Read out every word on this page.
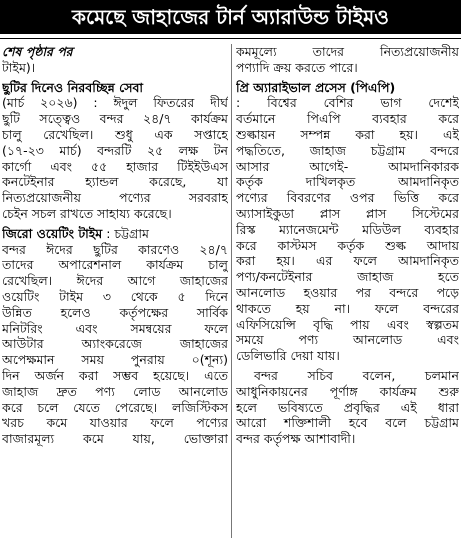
কমেছে জাহাজের টার্ন অ্যারাউন্ড টাইমও
শেষ পৃষ্ঠার পর
টাইম)।
ছুটির দিনেও নিরবচ্ছিন্ন সেবা
(মার্চ ২০২৬) : ঈদুল ফিতরের দীর্ঘ
ছুটি সত্ত্বেও বন্দর ২৪/৭ কার্যক্রম
চালু রেখেছিল। শুধু এক সপ্তাহে
(১৭-২৩ মার্চ) বন্দরটি ২৫ লক্ষ টন
কার্গো এবং ৫৫ হাজার টিইইউএস
কনটেইনার হ্যান্ডল করেছে, যা
নিত্যপ্রয়োজনীয় পণ্যের সরবরাহ
চেইন সচল রাখতে সাহায্য করেছে।
জিরো ওয়েটিং টাইম : চট্টগ্রাম
বন্দর ঈদের ছুটির কারণেও ২৪/৭
তাদের অপারেশনাল কার্যক্রম চালু
রেখেছিল। ঈদের আগে জাহাজের
ওয়েটিং টাইম ৩ থেকে ৫ দিনে
উন্নিত হলেও কর্তৃপক্ষের সার্বিক
মনিটরিং এবং সমন্বয়ের ফলে
আউটার অ্যাংকরেজে জাহাজের
অপেক্ষমান সময় পুনরায় ০(শূন্য)
দিন অর্জন করা সম্ভব হয়েছে। এতে
জাহাজ দ্রুত পণ্য লোড আনলোড
করে চলে যেতে পেরেছে। লজিস্টিকস
খরচ কমে যাওয়ার ফলে পণ্যের
বাজারমূল্য কমে যায়, ভোক্তারা
কমমূল্যে তাদের নিত্যপ্রয়োজনীয়
পণ্যাদি ক্রয় করতে পারে।
প্রি অ্যারাইভাল প্রসেস (পিএপি)
: বিশ্বের বেশির ভাগ দেশেই
বর্তমানে পিএপি ব্যবহার করে
শুল্কায়ন সম্পন্ন করা হয়। এই
পদ্ধতিতে, জাহাজ চট্টগ্রাম বন্দরে
আসার আগেই- আমদানিকারক
কর্তৃক দাখিলকৃত আমদানিকৃত
পণ্যের বিবরণের ওপর ভিত্তি করে
অ্যাসাইকুডা প্লাস প্লাস সিস্টেমের
রিস্ক ম্যানেজমেন্ট মডিউল ব্যবহার
করে কাস্টমস কর্তৃক শুল্ক আদায়
করা হয়। এর ফলে আমদানিকৃত
পণ্য/কনটেইনার জাহাজ হতে
আনলোড হওয়ার পর বন্দরে পড়ে
থাকতে হয় না। ফলে বন্দরের
এফিসিয়েন্সি বৃদ্ধি পায় এবং স্বল্পতম
সময়ে পণ্য আনলোড এবং
ডেলিভারি দেয়া যায়।
বন্দর সচিব বলেন, চলমান
আধুনিকায়নের পূর্ণাঙ্গ কার্যক্রম শুরু
হলে ভবিষ্যতে প্রবৃদ্ধির এই ধারা
আরো শক্তিশালী হবে বলে চট্টগ্রাম
বন্দর কর্তৃপক্ষ আশাবাদী।
